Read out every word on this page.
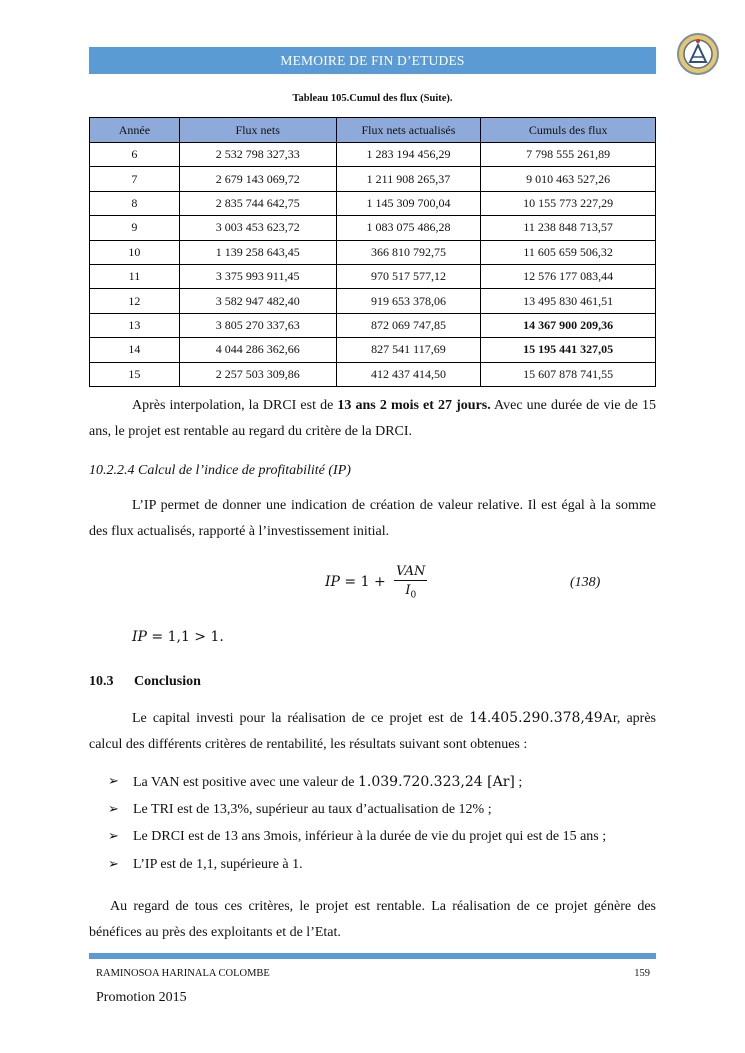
MEMOIRE DE FIN D’ETUDES
Tableau 105.Cumul des flux (Suite).
Année	Flux nets	Flux nets actualisés	Cumuls des flux
6	2 532 798 327,33	1 283 194 456,29	7 798 555 261,89
7	2 679 143 069,72	1 211 908 265,37	9 010 463 527,26
8	2 835 744 642,75	1 145 309 700,04	10 155 773 227,29
9	3 003 453 623,72	1 083 075 486,28	11 238 848 713,57
10	1 139 258 643,45	366 810 792,75	11 605 659 506,32
11	3 375 993 911,45	970 517 577,12	12 576 177 083,44
12	3 582 947 482,40	919 653 378,06	13 495 830 461,51
13	3 805 270 337,63	872 069 747,85	14 367 900 209,36
14	4 044 286 362,66	827 541 117,69	15 195 441 327,05
15	2 257 503 309,86	412 437 414,50	15 607 878 741,55

Après interpolation, la DRCI est de 13 ans 2 mois et 27 jours. Avec une durée de vie de 15 ans, le projet est rentable au regard du critère de la DRCI.

10.2.2.4 Calcul de l’indice de profitabilité (IP)

L’IP permet de donner une indication de création de valeur relative. Il est égal à la somme des flux actualisés, rapporté à l’investissement initial.

IP = $1 + \frac{\text{VAN}}{I_0}$	(138)
IP = 1,1 > 1.
10.3 Conclusion

Le capital investi pour la réalisation de ce projet est de 14.405.290.378,49Ar, après calcul des différents critères de rentabilité, les résultats suivant sont obtenues :

➢	La VAN est positive avec une valeur de 1.039.720.323,24 [Ar] ;
➢	Le TRI est de 13,3%, supérieur au taux d’actualisation de 12% ;
➢	Le DRCI est de 13 ans 3mois, inférieur à la durée de vie du projet qui est de 15 ans ;
➢	L’IP est de 1,1, supérieure à 1.

Au regard de tous ces critères, le projet est rentable. La réalisation de ce projet génère des bénéfices au près des exploitants et de l’Etat.

RAMINOSOA HARINALA COLOMBE	159
Promotion 2015
